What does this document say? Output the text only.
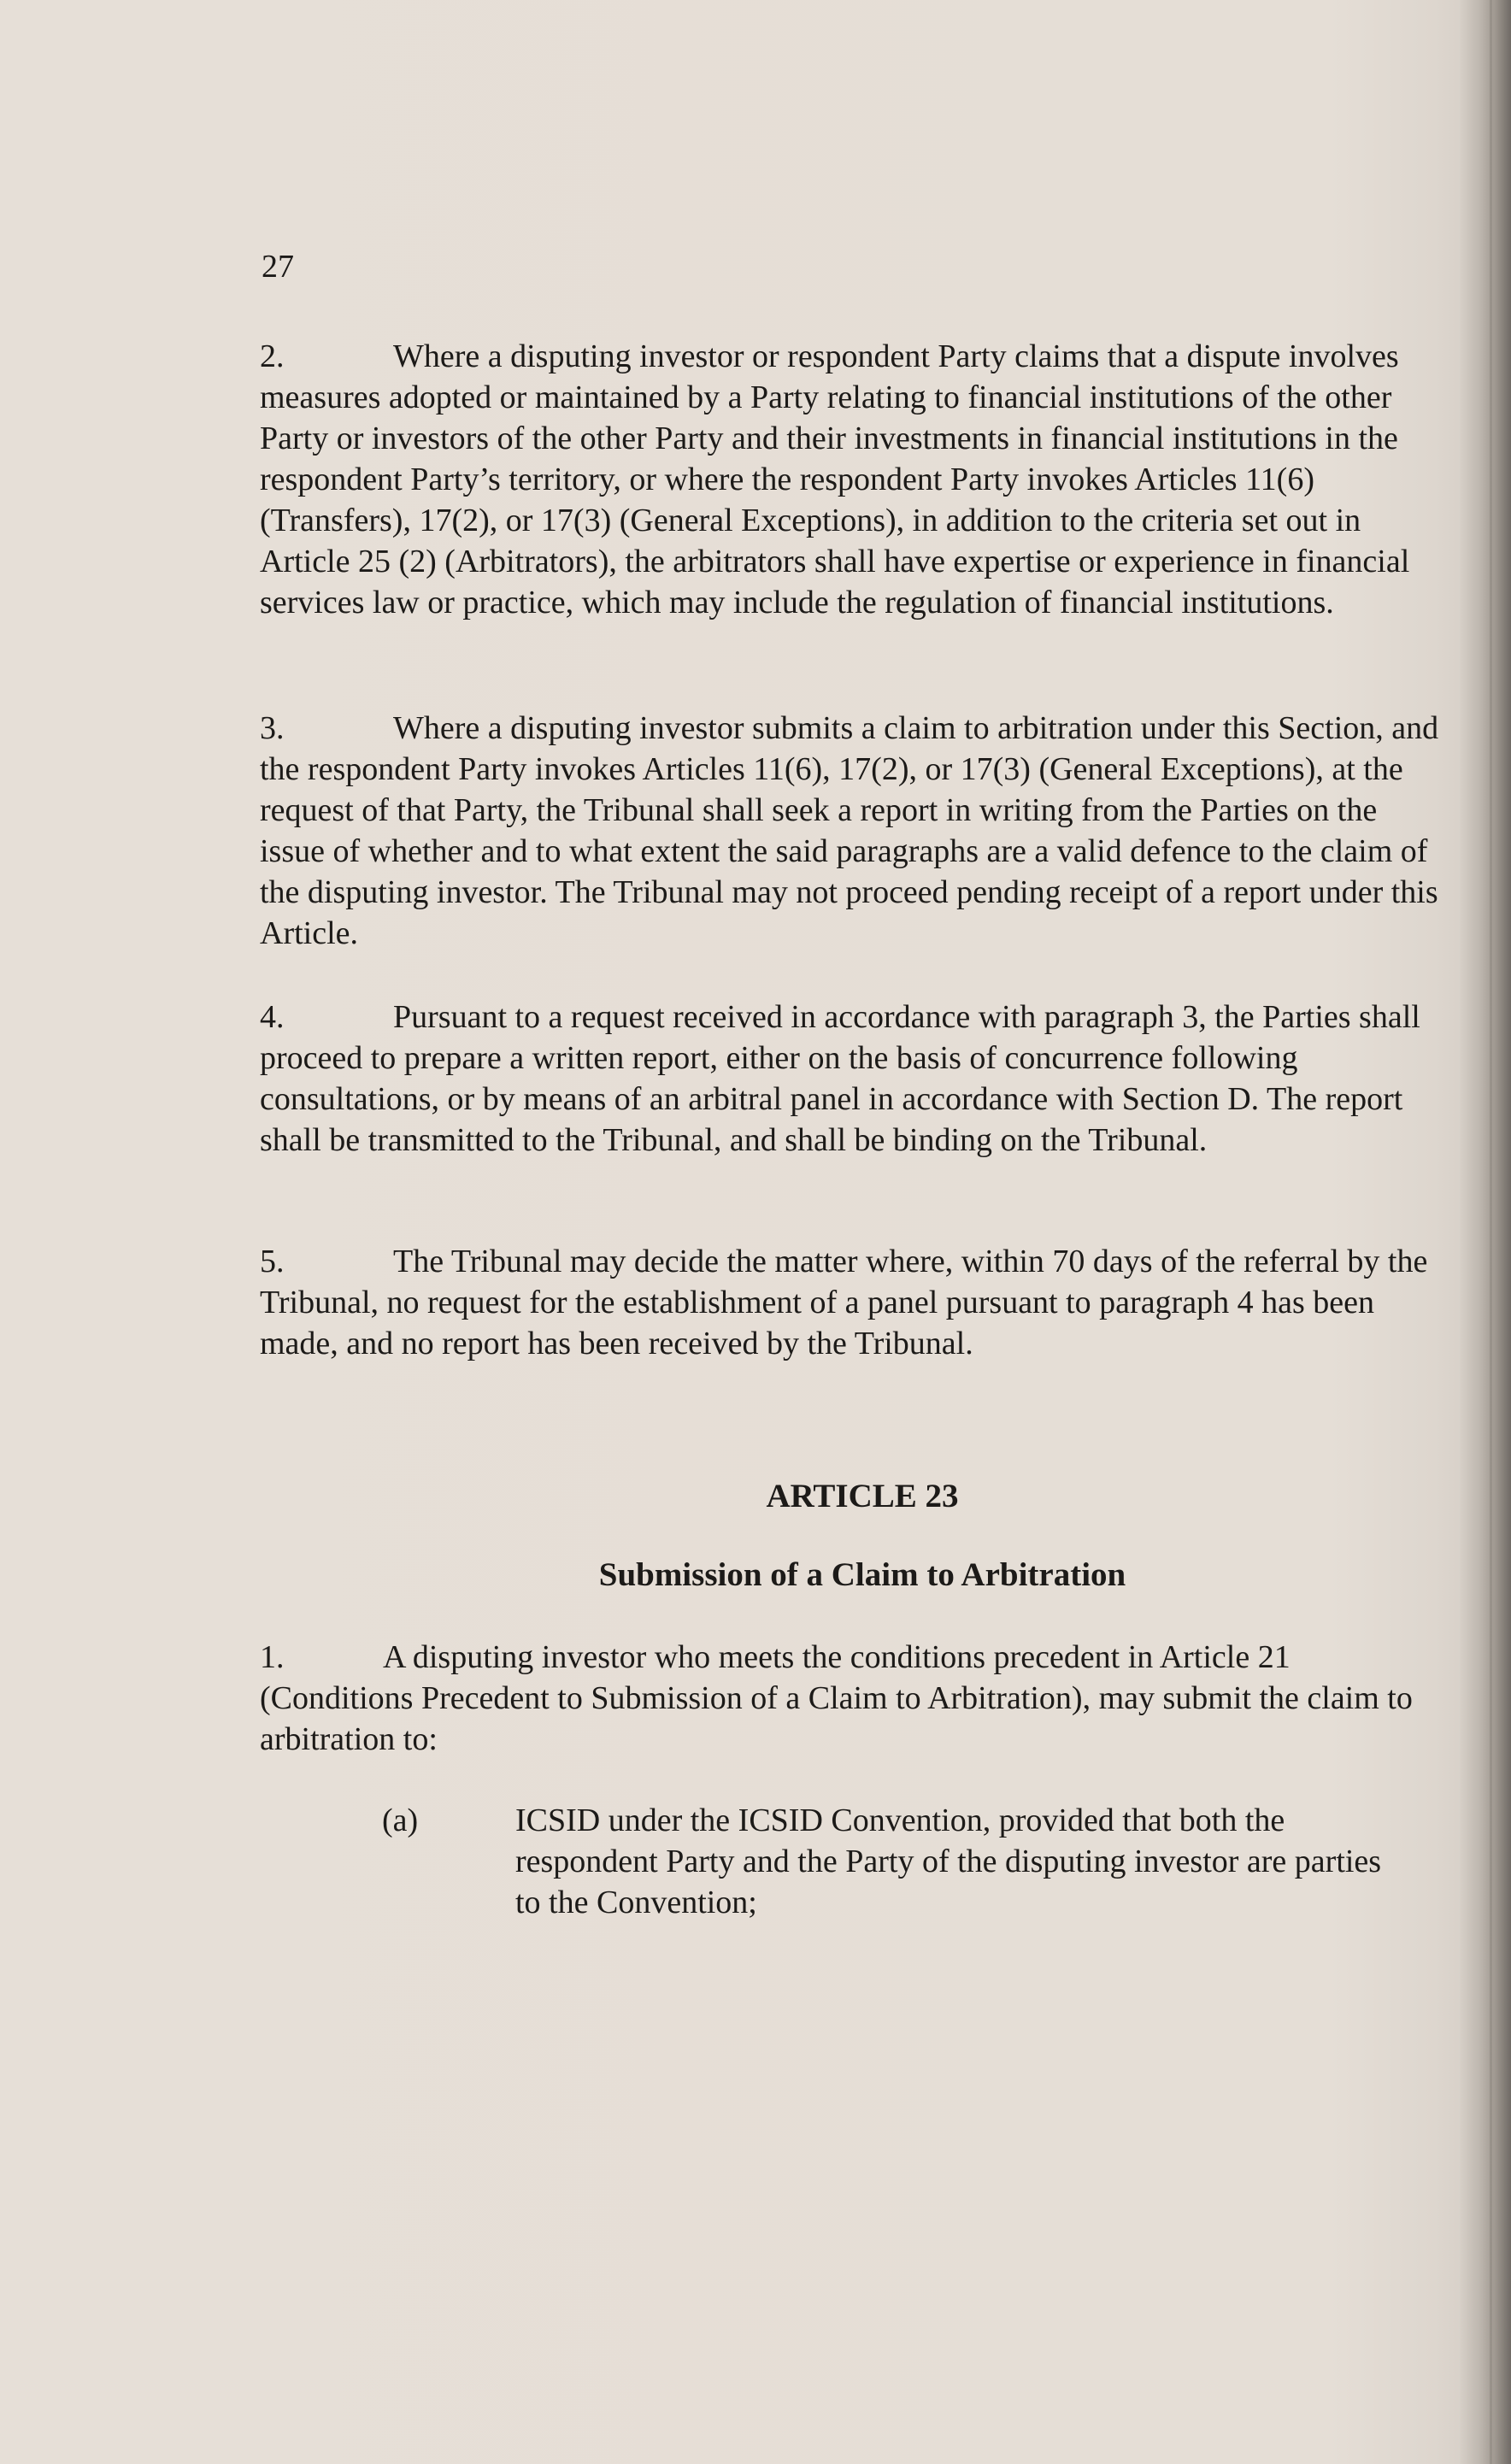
27

2.	Where a disputing investor or respondent Party claims that a dispute involves measures adopted or maintained by a Party relating to financial institutions of the other Party or investors of the other Party and their investments in financial institutions in the respondent Party’s territory, or where the respondent Party invokes Articles 11(6) (Transfers), 17(2), or 17(3) (General Exceptions), in addition to the criteria set out in Article 25 (2) (Arbitrators), the arbitrators shall have expertise or experience in financial services law or practice, which may include the regulation of financial institutions.

3.	Where a disputing investor submits a claim to arbitration under this Section, and the respondent Party invokes Articles 11(6), 17(2), or 17(3) (General Exceptions), at the request of that Party, the Tribunal shall seek a report in writing from the Parties on the issue of whether and to what extent the said paragraphs are a valid defence to the claim of the disputing investor. The Tribunal may not proceed pending receipt of a report under this Article.

4.	Pursuant to a request received in accordance with paragraph 3, the Parties shall proceed to prepare a written report, either on the basis of concurrence following consultations, or by means of an arbitral panel in accordance with Section D. The report shall be transmitted to the Tribunal, and shall be binding on the Tribunal.

5.	The Tribunal may decide the matter where, within 70 days of the referral by the Tribunal, no request for the establishment of a panel pursuant to paragraph 4 has been made, and no report has been received by the Tribunal.

ARTICLE 23
Submission of a Claim to Arbitration

1.	A disputing investor who meets the conditions precedent in Article 21 (Conditions Precedent to Submission of a Claim to Arbitration), may submit the claim to arbitration to:

(a)	ICSID under the ICSID Convention, provided that both the respondent Party and the Party of the disputing investor are parties to the Convention;
